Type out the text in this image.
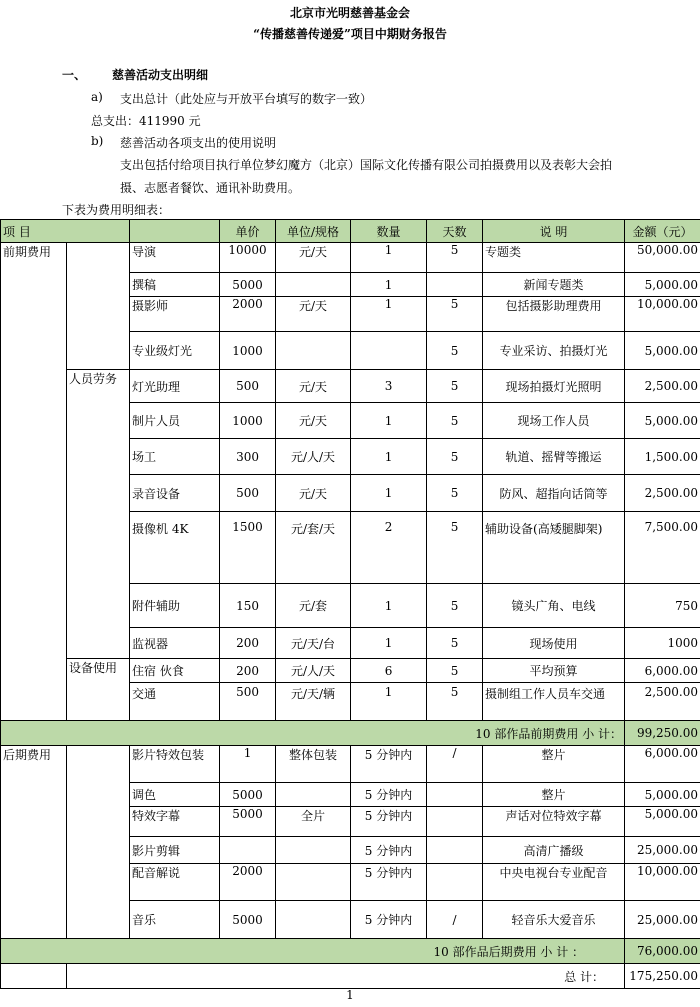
北京市光明慈善基金会
“传播慈善传递爱”项目中期财务报告
一、 慈善活动支出明细
a) 支出总计（此处应与开放平台填写的数字一致）
总支出：411990 元
b) 慈善活动各项支出的使用说明
支出包括付给项目执行单位梦幻魔方（北京）国际文化传播有限公司拍摄费用以及表彰大会拍
摄、志愿者餐饮、通讯补助费用。
下表为费用明细表：
项 目			单价	单位/规格	数量	天数	说 明	金额（元）
前期费用		导演	10000	元/天	1	5	专题类	50,000.00
		撰稿	5000		1		新闻专题类	5,000.00
		摄影师	2000	元/天	1	5	包括摄影助理费用	10,000.00
		专业级灯光	1000			5	专业采访、拍摄灯光	5,000.00
	人员劳务	灯光助理	500	元/天	3	5	现场拍摄灯光照明	2,500.00
		制片人员	1000	元/天	1	5	现场工作人员	5,000.00
		场工	300	元/人/天	1	5	轨道、摇臂等搬运	1,500.00
		录音设备	500	元/天	1	5	防风、超指向话筒等	2,500.00
		摄像机 4K	1500	元/套/天	2	5	辅助设备(高矮腿脚架)	7,500.00
		附件辅助	150	元/套	1	5	镜头广角、电线	750
		监视器	200	元/天/台	1	5	现场使用	1000
	设备使用	住宿 伙食	200	元/人/天	6	5	平均预算	6,000.00
		交通	500	元/天/辆	1	5	摄制组工作人员车交通	2,500.00
10 部作品前期费用 小 计：								99,250.00
后期费用		影片特效包装	1	整体包装	5 分钟内	/	整片	6,000.00
		调色	5000		5 分钟内		整片	5,000.00
		特效字幕	5000	全片	5 分钟内		声话对位特效字幕	5,000.00
		影片剪辑			5 分钟内		高清广播级	25,000.00
		配音解说	2000		5 分钟内		中央电视台专业配音	10,000.00
		音乐	5000		5 分钟内	/	轻音乐大爱音乐	25,000.00
10 部作品后期费用 小 计 ：								76,000.00
	总 计：							175,250.00
1
